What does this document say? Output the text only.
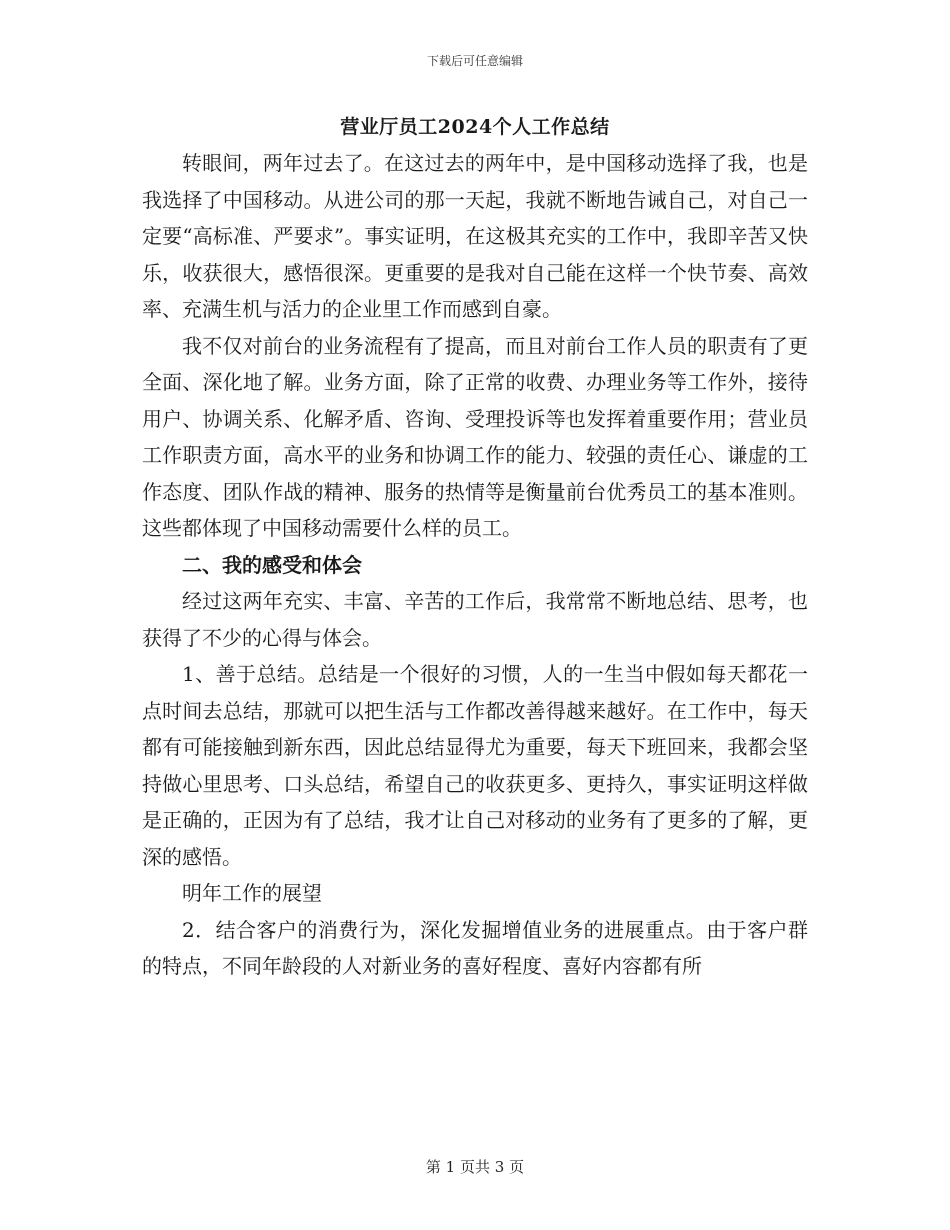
下载后可任意编辑
营业厅员工2024个人工作总结

转眼间，两年过去了。在这过去的两年中，是中国移动选择了我，也是我选择了中国移动。从进公司的那一天起，我就不断地告诫自己，对自己一定要“高标准、严要求”。事实证明，在这极其充实的工作中，我即辛苦又快乐，收获很大，感悟很深。更重要的是我对自己能在这样一个快节奏、高效率、充满生机与活力的企业里工作而感到自豪。

我不仅对前台的业务流程有了提高，而且对前台工作人员的职责有了更全面、深化地了解。业务方面，除了正常的收费、办理业务等工作外，接待用户、协调关系、化解矛盾、咨询、受理投诉等也发挥着重要作用；营业员工作职责方面，高水平的业务和协调工作的能力、较强的责任心、谦虚的工作态度、团队作战的精神、服务的热情等是衡量前台优秀员工的基本准则。这些都体现了中国移动需要什么样的员工。

二、我的感受和体会

经过这两年充实、丰富、辛苦的工作后，我常常不断地总结、思考，也获得了不少的心得与体会。

1、善于总结。总结是一个很好的习惯，人的一生当中假如每天都花一点时间去总结，那就可以把生活与工作都改善得越来越好。在工作中，每天都有可能接触到新东西，因此总结显得尤为重要，每天下班回来，我都会坚持做心里思考、口头总结，希望自己的收获更多、更持久，事实证明这样做是正确的，正因为有了总结，我才让自己对移动的业务有了更多的了解，更深的感悟。

明年工作的展望

2．结合客户的消费行为，深化发掘增值业务的进展重点。由于客户群的特点，不同年龄段的人对新业务的喜好程度、喜好内容都有所

第 1 页共 3 页
